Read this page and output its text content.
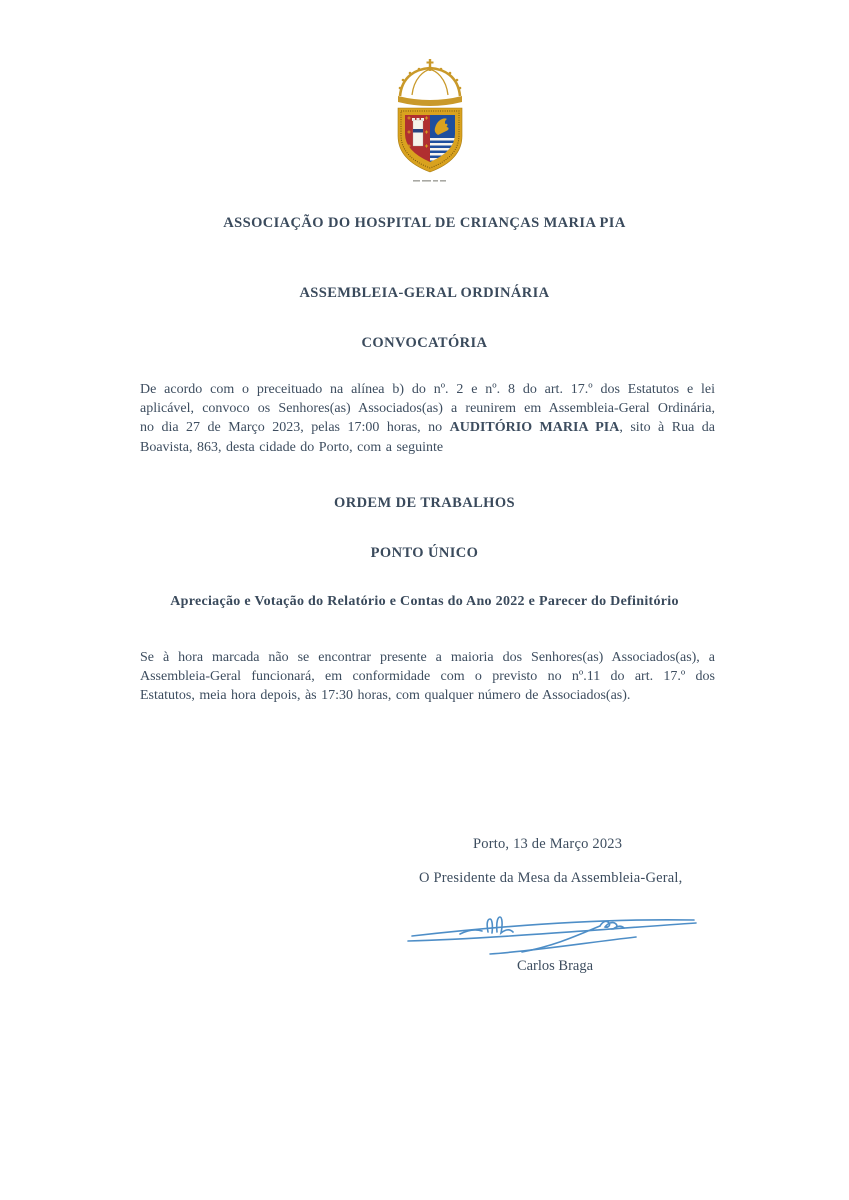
ASSOCIAÇÃO DO HOSPITAL DE CRIANÇAS MARIA PIA
ASSEMBLEIA-GERAL ORDINÁRIA
CONVOCATÓRIA
De acordo com o preceituado na alínea b) do nº. 2 e nº. 8 do art. 17.º dos Estatutos e lei
aplicável, convoco os Senhores(as) Associados(as) a reunirem em Assembleia-Geral Ordinária,
no dia 27 de Março 2023, pelas 17:00 horas, no AUDITÓRIO MARIA PIA, sito à Rua da
Boavista, 863, desta cidade do Porto, com a seguinte
ORDEM DE TRABALHOS
PONTO ÚNICO
Apreciação e Votação do Relatório e Contas do Ano 2022 e Parecer do Definitório
Se à hora marcada não se encontrar presente a maioria dos Senhores(as) Associados(as), a
Assembleia-Geral funcionará, em conformidade com o previsto no nº.11 do art. 17.º dos
Estatutos, meia hora depois, às 17:30 horas, com qualquer número de Associados(as).
Porto, 13 de Março 2023
O Presidente da Mesa da Assembleia-Geral,
Carlos Braga
